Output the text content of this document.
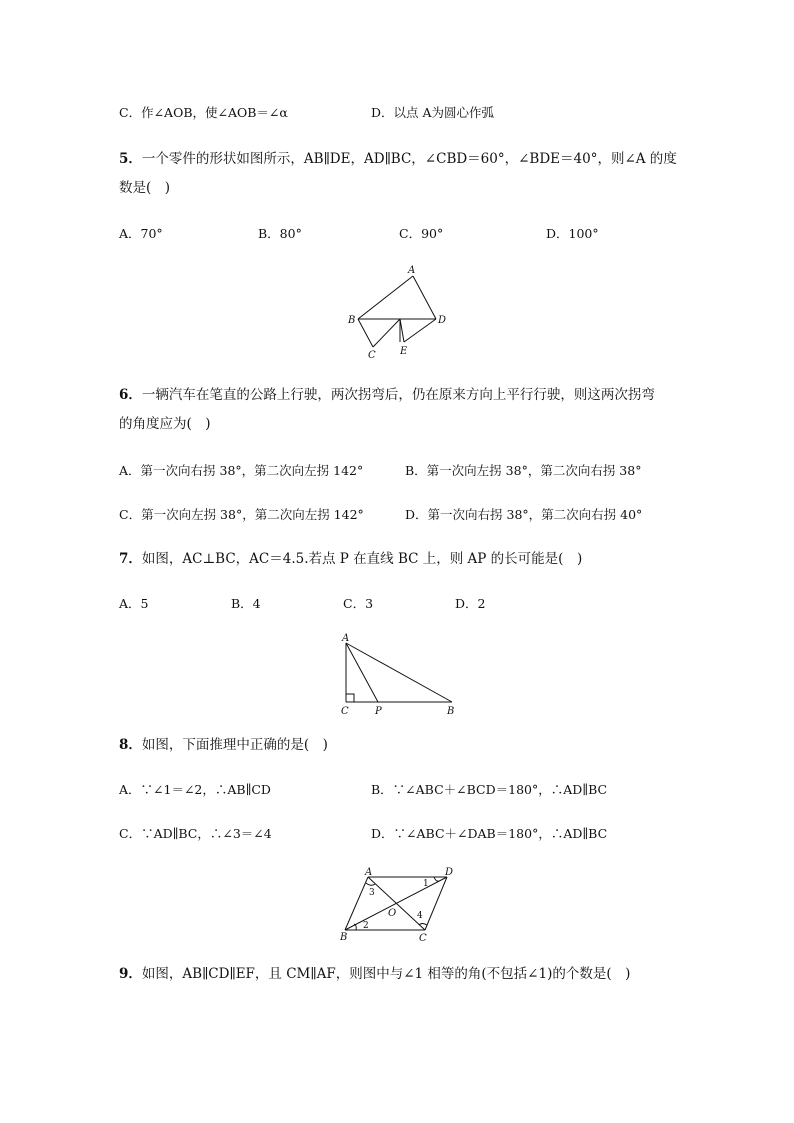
C．作∠AOB，使∠AOB＝∠α	D．以点 A为圆心作弧
5．一个零件的形状如图所示，AB∥DE，AD∥BC，∠CBD＝60°，∠BDE＝40°，则∠A 的度
数是(　)
A．70°	B．80°	C．90°	D．100°
A
B	D
C E
6．一辆汽车在笔直的公路上行驶，两次拐弯后，仍在原来方向上平行行驶，则这两次拐弯
的角度应为(　)
A．第一次向右拐 38°，第二次向左拐 142°	B．第一次向左拐 38°，第二次向右拐 38°
C．第一次向左拐 38°，第二次向左拐 142°	D．第一次向右拐 38°，第二次向右拐 40°
7．如图，AC⊥BC，AC＝4.5.若点 P 在直线 BC 上，则 AP 的长可能是(　)
A．5	B．4	C．3	D．2
A
C	P	B
8．如图，下面推理中正确的是(　)
A．∵∠1＝∠2，∴AB∥CD	B．∵∠ABC＋∠BCD＝180°，∴AD∥BC
C．∵AD∥BC，∴∠3＝∠4	D．∵∠ABC＋∠DAB＝180°，∴AD∥BC
A	D
B	C
O
1
2
3
4
9．如图，AB∥CD∥EF，且 CM∥AF，则图中与∠1 相等的角(不包括∠1)的个数是(　)
